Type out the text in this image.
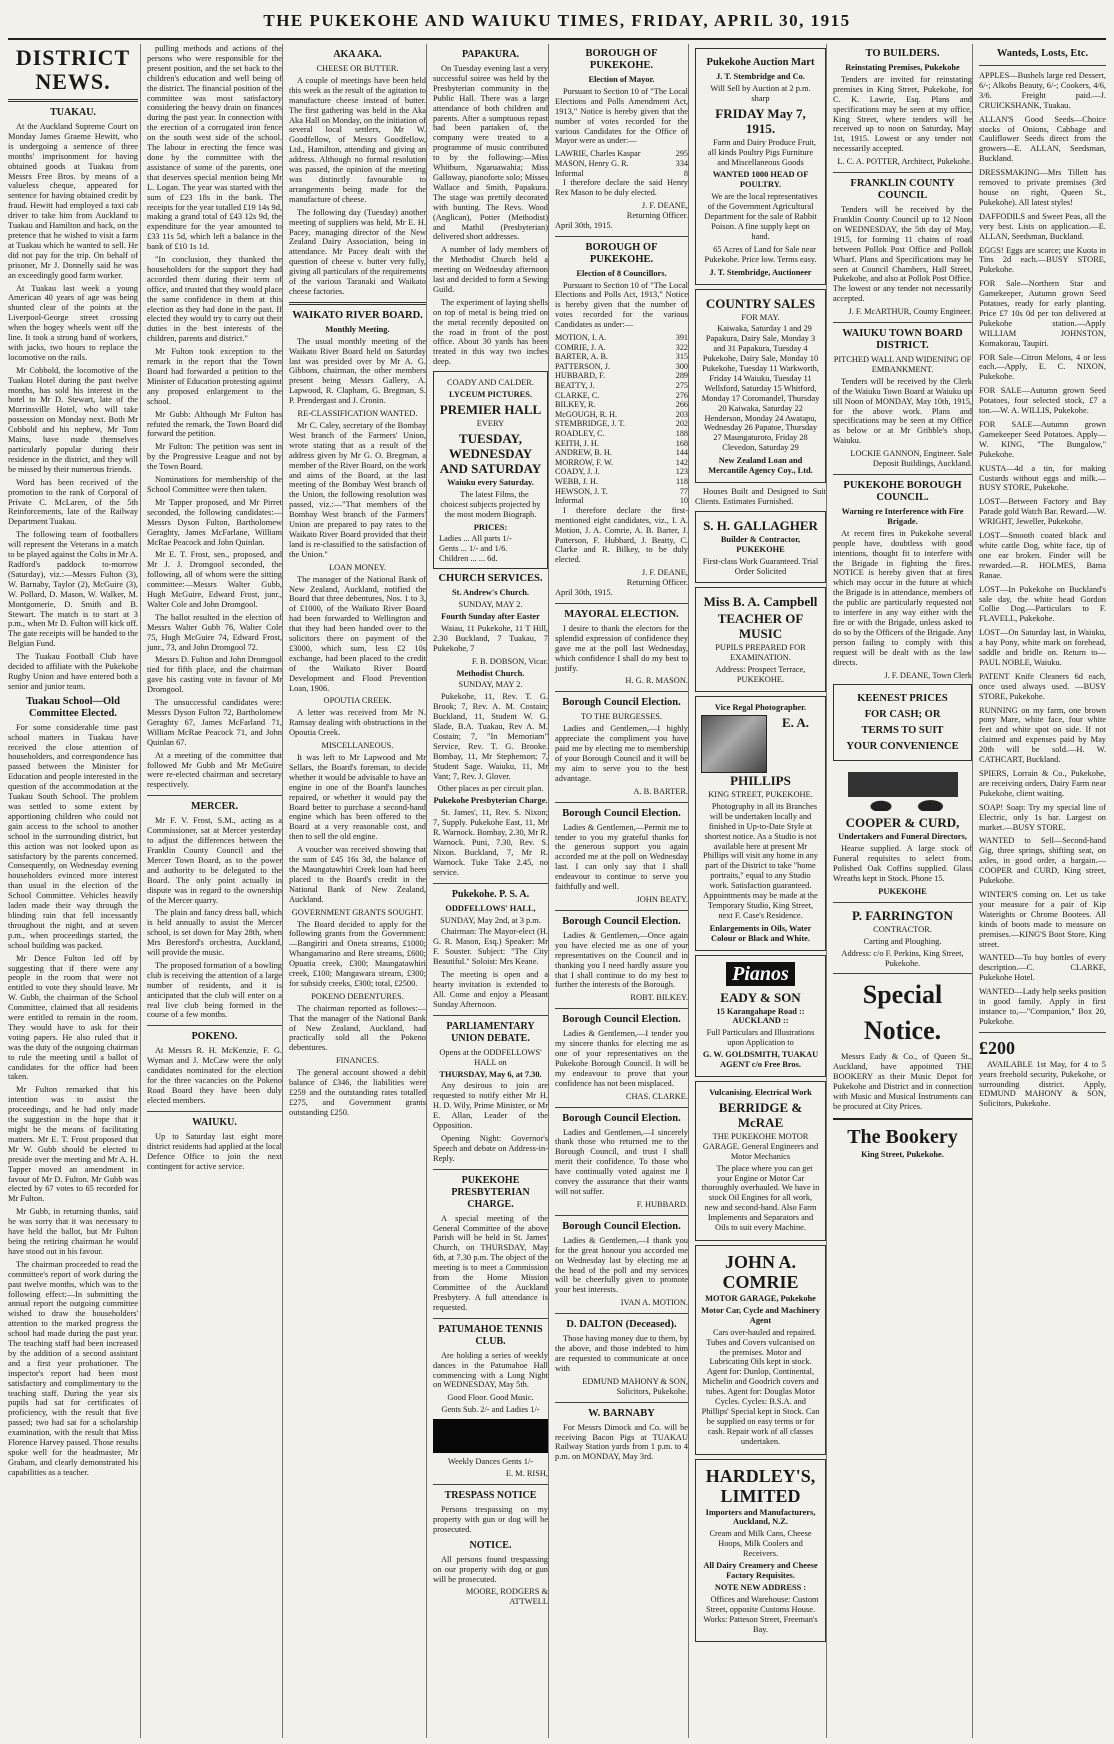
THE PUKEKOHE AND WAIUKU TIMES, FRIDAY, APRIL 30, 1915
DISTRICT NEWS.
TUAKAU.

At the Auckland Supreme Court on Monday James Graeme Hewitt, who is undergoing a sentence of three months' imprisonment for having obtained goods at Tuakau from Messrs Free Bros. by means of a valueless cheque, appeared for sentence for having obtained credit by fraud. Hewitt had employed a taxi cab driver to take him from Auckland to Tuakau and Hamilton and back, on the pretence that he wished to visit a farm at Tuakau which he wanted to sell. He did not pay for the trip. On behalf of prisoner, Mr J. Donnelly said he was an exceedingly good farm worker.

At Tuakau last week a young American 40 years of age was being shunted clear of the points at the Liverpool-George street crossing when the bogey wheels went off the line. It took a strong band of workers, with jacks, two hours to replace the locomotive on the rails.

Mr Cobbold, the locomotive of the Tuakau Hotel during the past twelve months, has sold his interest in the hotel to Mr D. Stewart, late of the Morrinsville Hotel, who will take possession on Monday next. Both Mr Cobbold and his nephew, Mr Tom Mains, have made themselves particularly popular during their residence in the district, and they will be missed by their numerous friends.

Word has been received of the promotion to the rank of Corporal of Private C. McLaren, of the 5th Reinforcements, late of the Railway Department Tuakau.

The following team of footballers will represent the Veterans in a match to be played against the Colts in Mr A. Radford's paddock to-morrow (Saturday), viz.:—Messrs Fulton (3), W. Barnaby, Taylor (2), McGuire (3), W. Pollard, D. Mason, W. Walker, M. Montgomerie, D. Smith and B. Stewart. The match is to start at 3 p.m., when Mr D. Fulton will kick off. The gate receipts will be handed to the Belgian Fund.

The Tuakau Football Club have decided to affiliate with the Pukekohe Rugby Union and have entered both a senior and junior team.

Tuakau School—Old Committee Elected.

For some considerable time past school matters in Tuakau have received the close attention of householders, and correspondence has passed between the Minister for Education and people interested in the question of the accommodation at the Tuakau South School. The problem was settled to some extent by apportioning children who could not gain access to the school to another school in the surrounding district, but this action was not looked upon as satisfactory by the parents concerned. Consequently, on Wednesday evening householders evinced more interest than usual in the election of the School Committee. Vehicles heavily laden made their way through the blinding rain that fell incessantly throughout the night, and at seven p.m., when proceedings started, the school building was packed.

Mr Dence Fulton led off by suggesting that if there were any people in the room that were not entitled to vote they should leave. Mr W. Gubb, the chairman of the School Committee, claimed that all residents were entitled to remain in the room. They would have to ask for their voting papers. He also ruled that it was the duty of the outgoing chairman to rule the meeting until a ballot of candidates for the office had been taken.

Mr Fulton remarked that his intention was to assist the proceedings, and he had only made the suggestion in the hope that it might be the means of facilitating matters. Mr E. T. Frost proposed that Mr W. Gubb should be elected to preside over the meeting and Mr A. H. Tapper moved an amendment in favour of Mr D. Fulton. Mr Gubb was elected by 67 votes to 65 recorded for Mr Fulton.

Mr Gubb, in returning thanks, said he was sorry that it was necessary to have held the ballot, but Mr Fulton being the retiring chairman he would have stood out in his favour.

The chairman proceeded to read the committee's report of work during the past twelve months, which was to the following effect:—In submitting the annual report the outgoing committee wished to draw the householders' attention to the marked progress the school had made during the past year. The teaching staff had been increased by the addition of a second assistant and a first year probationer. The inspector's report had been most satisfactory and complimentary to the teaching staff. During the year six pupils had sat for certificates of proficiency, with the result that five passed; two had sat for a scholarship examination, with the result that Miss Florence Harvey passed. Those results spoke well for the headmaster, Mr Graham, and clearly demonstrated his capabilities as a teacher.

pulling methods and actions of the persons who were responsible for the present position, and the set back to the children's education and well being of the district. The financial position of the committee was most satisfactory considering the heavy drain on finances during the past year. In connection with the erection of a corrugated iron fence on the south west side of the school. The labour in erecting the fence was done by the committee with the assistance of some of the parents, one that deserves special mention being Mr L. Logan. The year was started with the sum of £23 18s in the bank. The receipts for the year totalled £19 14s 9d, making a grand total of £43 12s 9d, the expenditure for the year amounted to £33 11s 5d, which left a balance in the bank of £10 1s 1d.

"In conclusion, they thanked the householders for the support they had accorded them during their term of office, and trusted that they would place the same confidence in them at this election as they had done in the past. If elected they would try to carry out their duties in the best interests of the children, parents and district."

Mr Fulton took exception to the remark in the report that the Town Board had forwarded a petition to the Minister of Education protesting against any proposed enlargement to the school.

Mr Gubb: Although Mr Fulton has refuted the remark, the Town Board did forward the petition.

Mr Fulton: The petition was sent in by the Progressive League and not by the Town Board.

Nominations for membership of the School Committee were then taken.

Mr Tapper proposed, and Mr Pirret seconded, the following candidates:—Messrs Dyson Fulton, Bartholomew Geraghty, James McFarlane, William McRae Peacock and John Quinlan.

Mr E. T. Frost, sen., proposed, and Mr J. J. Dromgool seconded, the following, all of whom were the sitting committee:—Messrs Walter Gubb, Hugh McGuire, Edward Frost, junr., Walter Cole and John Dromgool.

The ballot resulted in the election of Messrs Walter Gubb 76, Walter Cole 75, Hugh McGuire 74, Edward Frost, junr., 73, and John Dromgool 72.

Messrs D. Fulton and John Dromgool tied for fifth place, and the chairman gave his casting vote in favour of Mr Dromgool.

The unsuccessful candidates were: Messrs Dyson Fulton 72, Bartholomew Geraghty 67, James McFarland 71, William McRae Peacock 71, and John Quinlan 67.

At a meeting of the committee that followed Mr Gubb and Mr McGuire were re-elected chairman and secretary respectively.

MERCER.

Mr F. V. Frost, S.M., acting as a Commissioner, sat at Mercer yesterday to adjust the differences between the Franklin County Council and the Mercer Town Board, as to the power and authority to be delegated to the Board. The only point actually in dispute was in regard to the ownership of the Mercer quarry.

The plain and fancy dress ball, which is held annually to assist the Mercer school, is set down for May 28th, when Mrs Beresford's orchestra, Auckland, will provide the music.

The proposed formation of a bowling club is receiving the attention of a large number of residents, and it is anticipated that the club will enter on a real live club being formed in the course of a few months.

POKENO.

At Messrs R. H. McKenzie, F. G. Wyman and J. McCaw were the only candidates nominated for the election for the three vacancies on the Pokeno Road Board they have been duly elected members.

WAIUKU.

Up to Saturday last eight more district residents had applied at the local Defence Office to join the next contingent for active service.

AKA AKA.
CHEESE OR BUTTER.

A couple of meetings have been held this week as the result of the agitation to manufacture cheese instead of butter. The first gathering was held in the Aka Aka Hall on Monday, on the initiation of several local settlers, Mr W. Goodfellow, of Messrs Goodfellow, Ltd., Hamilton, attending and giving an address. Although no formal resolution was passed, the opinion of the meeting was distinctly favourable to arrangements being made for the manufacture of cheese.

The following day (Tuesday) another meeting of suppliers was held, Mr E. H. Pacey, managing director of the New Zealand Dairy Association, being in attendance. Mr Pacey dealt with the question of cheese v. butter very fully, giving all particulars of the requirements of the various Taranaki and Waikato cheese factories.

WAIKATO RIVER BOARD.
Monthly Meeting.

The usual monthly meeting of the Waikato River Board held on Saturday last was presided over by Mr A. G. Gibbons, chairman, the other members present being Messrs Gallery, A. Lapwood, R. Clapham, G. Bregman, S. P. Prendergast and J. Cronin.

RE-CLASSIFICATION WANTED.

Mr C. Caley, secretary of the Bombay West branch of the Farmers' Union, wrote stating that as a result of the address given by Mr G. O. Bregman, a member of the River Board, on the work and aims of the Board, at the last meeting of the Bombay West branch of the Union, the following resolution was passed, viz.:—"That members of the Bombay West branch of the Farmers' Union are prepared to pay rates to the Waikato River Board provided that their land is re-classified to the satisfaction of the Union."

LOAN MONEY.

The manager of the National Bank of New Zealand, Auckland, notified the Board that three debentures, Nos. 1 to 3, of £1000, of the Waikato River Board had been forwarded to Wellington and that they had been handed over to the solicitors there on payment of the £3000, which sum, less £2 10s exchange, had been placed to the credit of the Waikato River Board Development and Flood Prevention Loan, 1906.

OPOUTIA CREEK.

A letter was received from Mr N. Ramsay dealing with obstructions in the Opoutia Creek.

MISCELLANEOUS.

It was left to Mr Lapwood and Mr Sellars, the Board's foreman, to decide whether it would be advisable to have an engine in one of the Board's launches repaired, or whether it would pay the Board better to purchase a second-hand engine which has been offered to the Board at a very reasonable cost, and then to sell the old engine.

A voucher was received showing that the sum of £45 16s 3d, the balance of the Maungatawhiri Creek loan had been placed to the Board's credit in the National Bank of New Zealand, Auckland.

GOVERNMENT GRANTS SOUGHT.

The Board decided to apply for the following grants from the Government:—Rangiriri and Oneta streams, £1000; Whangamarino and Rere streams, £600; Opuatia creek, £300; Maungatawhiri creek, £100; Mangawara stream, £300; for subsidy creeks, £300; total, £2500.

POKENO DEBENTURES.

The chairman reported as follows:—That the manager of the National Bank of New Zealand, Auckland, had practically sold all the Pokeno debentures.

FINANCES.

The general account showed a debit balance of £346, the liabilities were £259 and the outstanding rates totalled £275, and Government grants outstanding £250.

PAPAKURA.

On Tuesday evening last a very successful soiree was held by the Presbyterian community in the Public Hall. There was a large attendance of both children and parents. After a sumptuous repast had been partaken of, the company were treated to a programme of music contributed to by the following:—Miss Whitburn, Ngaruawahia; Miss Galloway, pianoforte solo; Misses Wallace and Smith, Papakura. The stage was prettily decorated with bunting. The Revs. Wood (Anglican), Potter (Methodist) and Mathil (Presbyterian) delivered short addresses.

A number of lady members of the Methodist Church held a meeting on Wednesday afternoon last and decided to form a Sewing Guild.

The experiment of laying shells on top of metal is being tried on the metal recently deposited on the road in front of the post office. About 30 yards has been treated in this way two inches deep.

COADY AND CALDER.
LYCEUM PICTURES.
PREMIER HALL
EVERY
TUESDAY, WEDNESDAY AND SATURDAY
Waiuku every Saturday.

The latest Films, the choicest subjects projected by the most modern Biograph.

PRICES:
Ladies ... All parts 1/-
Gents ... 1/- and 1/6.
Children ... ... 6d.
CHURCH SERVICES.
St. Andrew's Church.
SUNDAY, MAY 2.
Fourth Sunday after Easter

Waiau, 11 Pukekohe, 11 T Hill, 2.30 Buckland, 7 Tuakau, 7 Pukekohe, 7

F. B. DOBSON, Vicar.
Methodist Church.
SUNDAY, MAY 2.

Pukekohe, 11, Rev. T. G. Brook; 7, Rev. A. M. Costain; Buckland, 11, Student W. G. Slade, B.A. Tuakau, Rev A. M. Costain; 7, "In Memoriam" Service, Rev. T. G. Brooke. Bombay, 11, Mr Stephenson; 7, Student Sage. Waiuku, 11, Mr Vant; 7, Rev. J. Glover.

Other places as per circuit plan.
Pukekohe Presbyterian Charge.

St. James', 11, Rev. S. Nixon; 7, Supply. Pukekohe East, 11, Mr R. Warnock. Bombay, 2.30, Mr R. Warnock. Puni, 7.30, Rev. S. Nixon. Buckland, 7, Mr R. Warnock. Tuke Take 2.45, no service.

Pukekohe. P. S. A.
ODDFELLOWS' HALL,
SUNDAY, May 2nd, at 3 p.m.

Chairman: The Mayor-elect (H. G. R. Mason, Esq.) Speaker: Mr F. Souster. Subject: "The City Beautiful." Soloist: Mrs Keane.

The meeting is open and a hearty invitation is extended to All. Come and enjoy a Pleasant Sunday Afternoon.

PARLIAMENTARY UNION DEBATE.
Opens at the ODDFELLOWS' HALL on
THURSDAY, May 6, at 7.30.

Any desirous to join are requested to notify either Mr H. H. D. Wily, Prime Minister, or Mr E. Allan, Leader of the Opposition.

Opening Night: Governor's Speech and debate on Address-in-Reply.

PUKEKOHE PRESBYTERIAN CHARGE.

A special meeting of the General Committee of the above Parish will be held in St. James' Church, on THURSDAY, May 6th, at 7.30 p.m. The object of the meeting is to meet a Commission from the Home Mission Committee of the Auckland Presbytery. A full attendance is requested.

PATUMAHOE TENNIS CLUB.

Are holding a series of weekly dances in the Patumahoe Hall commencing with a Long Night on WEDNESDAY, May 5th.

Good Floor. Good Music.
Gents Sub. 2/- and Ladies 1/-
Weekly Dances Gents 1/-
E. M. RISH,
TRESPASS NOTICE

Persons trespassing on my property with gun or dog will be prosecuted.

NOTICE.

All persons found trespassing on our property with dog or gun will be prosecuted.

MOORE, RODGERS & ATTWELL
BOROUGH OF PUKEKOHE.
Election of Mayor.

Pursuant to Section 10 of "The Local Elections and Polls Amendment Act, 1913," Notice is hereby given that the number of votes recorded for the various Candidates for the Office of Mayor were as under:—

LAWRIE, Charles Kaspar	295
MASON, Henry G. R.	334
Informal	8

I therefore declare the said Henry Rex Mason to be duly elected.

J. F. DEANE,
Returning Officer.
April 30th, 1915.
BOROUGH OF PUKEKOHE.
Election of 8 Councillors.

Pursuant to Section 10 of "The Local Elections and Polls Act, 1913," Notice is hereby given that the number of votes recorded for the various Candidates as under:—

MOTION, I. A.	391
COMRIE, J. A.	322
BARTER, A. B.	315
PATTERSON, J.	300
HUBBARD, F.	289
BEATTY, J.	275
CLARKE, C.	276
BILKEY, R.	266
McGOUGH, R. H.	203
STEMBRIDGE, J. T.	202
ROADLEY, C.	188
KEITH, J. H.	168
ANDREW, B. H.	144
MORROW, F. W.	142
COADY, J. J.	123
WEBB, J. H.	118
HEWSON, J. T.	77
Informal	10

I therefore declare the first-mentioned eight candidates, viz., I. A. Motion, J. A. Comrie, A. B. Barter, J. Patterson, F. Hubbard, J. Beatty, C. Clarke and R. Bilkey, to be duly elected.

J. F. DEANE,
Returning Officer.
April 30th, 1915.
MAYORAL ELECTION.

I desire to thank the electors for the splendid expression of confidence they gave me at the poll last Wednesday, which confidence I shall do my best to justify.

H. G. R. MASON.
Borough Council Election.
TO THE BURGESSES.

Ladies and Gentlemen,—I highly appreciate the compliment you have paid me by electing me to membership of your Borough Council and it will be my aim to serve you to the best advantage.

A. B. BARTER.
Borough Council Election.

Ladies & Gentlemen,—Permit me to tender to you my grateful thanks for the generous support you again accorded me at the poll on Wednesday last. I can only say that I shall endeavour to continue to serve you faithfully and well.

JOHN BEATY.
Borough Council Election.

Ladies & Gentlemen,—Once again you have elected me as one of your representatives on the Council and in thanking you I need hardly assure you that I shall continue to do my best to further the interests of the Borough.

ROBT. BILKEY.
Borough Council Election.

Ladies & Gentlemen,—I tender you my sincere thanks for electing me as one of your representatives on the Pukekohe Borough Council. It will be my endeavour to prove that your confidence has not been misplaced.

CHAS. CLARKE.
Borough Council Election.

Ladies and Gentlemen,—I sincerely thank those who returned me to the Borough Council, and trust I shall merit their confidence. To those who have continually voted against me I convey the assurance that their wants will not suffer.

F. HUBBARD.
Borough Council Election.

Ladies & Gentlemen,—I thank you for the great honour you accorded me on Wednesday last by electing me at the head of the poll and my services will be cheerfully given to promote your best interests.

IVAN A. MOTION.
D. DALTON (Deceased).

Those having money due to them, by the above, and those indebted to him are requested to communicate at once with

EDMUND MAHONY & SON, Solicitors, Pukekohe.
W. BARNABY

For Messrs Dimock and Co. will be receiving Bacon Pigs at TUAKAU Railway Station yards from 1 p.m. to 4 p.m. on MONDAY, May 3rd.

Pukekohe Auction Mart
J. T. Stembridge and Co.
Will Sell by Auction at 2 p.m. sharp
FRIDAY May 7, 1915.

Farm and Dairy Produce Fruit, all kinds Poultry Pigs Furniture and Miscellaneous Goods

WANTED 1000 HEAD OF POULTRY.

We are the local representatives of the Government Agricultural Department for the sale of Rabbit Poison. A fine supply kept on hand.

65 Acres of Land for Sale near Pukekohe. Price low. Terms easy.

J. T. Stembridge, Auctioneer
COUNTRY SALES
FOR MAY.

Kaiwaka, Saturday 1 and 29 Papakura, Dairy Sale, Monday 3 and 31 Papakura, Tuesday 4 Pukekohe, Dairy Sale, Monday 10 Pukekohe, Tuesday 11 Warkworth, Friday 14 Waiuku, Tuesday 11 Wellsford, Saturday 15 Whitford, Monday 17 Coromandel, Thursday 20 Kaiwaka, Saturday 22 Henderson, Monday 24 Awatapu, Wednesday 26 Papatoe, Thursday 27 Maungaturoto, Friday 28 Clevedon, Saturday 29

New Zealand Loan and Mercantile Agency Coy., Ltd.

Houses Built and Designed to Suit Clients. Estimates Furnished.

S. H. GALLAGHER
Builder & Contractor, PUKEKOHE
First-class Work Guaranteed. Trial Order Solicited
Miss B. A. Campbell
TEACHER OF MUSIC
PUPILS PREPARED FOR EXAMINATION.
Address: Prospect Terrace, PUKEKOHE.
Vice Regal Photographer.
E. A. PHILLIPS
KING STREET, PUKEKOHE.

Photography in all its Branches will be undertaken locally and finished in Up-to-Date Style at shortest notice. As a Studio is not available here at present Mr Phillips will visit any home in any part of the District to take "home portraits," equal to any Studio work. Satisfaction guaranteed. Appointments may be made at the Temporary Studio, King Street, next F. Case's Residence.

Enlargements in Oils, Water Colour or Black and White.
Pianos
EADY & SON
15 Karangahape Road :: AUCKLAND ::
Full Particulars and Illustrations upon Application to
G. W. GOLDSMITH, TUAKAU AGENT c/o Free Bros.
Vulcanising. Electrical Work
BERRIDGE & McRAE
THE PUKEKOHE MOTOR GARAGE. General Engineers and Motor Mechanics

The place where you can get your Engine or Motor Car thoroughly overhauled. We have in stock Oil Engines for all work, new and second-hand. Also Farm Implements and Separators and Oils to suit every Machine.

JOHN A. COMRIE
MOTOR GARAGE, Pukekohe
Motor Car, Cycle and Machinery Agent

Cars over-hauled and repaired. Tubes and Covers vulcanised on the premises. Motor and Lubricating Oils kept in stock. Agent for: Dunlop, Continental, Michelin and Goodrich covers and tubes. Agent for: Douglas Motor Cycles. Cycles: B.S.A. and Phillips' Special kept in Stock. Can be supplied on easy terms or for cash. Repair work of all classes undertaken.

HARDLEY'S, LIMITED
Importers and Manufacturers, Auckland, N.Z.
Cream and Milk Cans, Cheese Hoops, Milk Coolers and Receivers.
All Dairy Creamery and Cheese Factory Requisites.
NOTE NEW ADDRESS :

Offices and Warehouse: Custom Street, opposite Customs House. Works: Patteson Street, Freeman's Bay.

TO BUILDERS.
Reinstating Premises, Pukekohe

Tenders are invited for reinstating premises in King Street, Pukekohe, for C. K. Lawrie, Esq. Plans and specifications may be seen at my office, King Street, where tenders will be received up to noon on Saturday, May 1st, 1915. Lowest or any tender not necessarily accepted.

L. C. A. POTTER, Architect, Pukekohe.
FRANKLIN COUNTY COUNCIL

Tenders will be received by the Franklin County Council up to 12 Noon on WEDNESDAY, the 5th day of May, 1915, for forming 11 chains of road between Pollok Post Office and Pollok Wharf. Plans and Specifications may be seen at Council Chambers, Hall Street, Pukekohe, and also at Pollok Post Office. The lowest or any tender not necessarily accepted.

J. F. McARTHUR, County Engineer.
WAIUKU TOWN BOARD DISTRICT.
PITCHED WALL AND WIDENING OF EMBANKMENT.

Tenders will be received by the Clerk of the Waiuku Town Board at Waiuku up till Noon of MONDAY, May 10th, 1915, for the above work. Plans and specifications may be seen at my Office as below or at Mr Gribble's shop, Waiuku.

LOCKIE GANNON, Engineer. Sale Deposit Buildings, Auckland.
PUKEKOHE BOROUGH COUNCIL.
Warning re Interference with Fire Brigade.

At recent fires in Pukekohe several people have, doubtless with good intentions, thought fit to interfere with the Brigade in fighting the fires. NOTICE is hereby given that at fires which may occur in the future at which the Brigade is in attendance, members of the public are particularly requested not to interfere in any way either with the fire or with the Brigade, unless asked to do so by the Officers of the Brigade. Any person failing to comply with this request will be dealt with as the law directs.

J. F. DEANE, Town Clerk
KEENEST PRICES
FOR CASH; OR
TERMS TO SUIT
YOUR CONVENIENCE
COOPER & CURD,
Undertakers and Funeral Directors,

Hearse supplied. A large stock of Funeral requisites to select from. Polished Oak Coffins supplied. Glass Wreaths kept in Stock. Phone 15.

PUKEKOHE
P. FARRINGTON
CONTRACTOR.
Carting and Ploughing.
Address: c/o F. Perkins, King Street, Pukekohe.
Special
Notice.

Messrs Eady & Co., of Queen St., Auckland, have appointed THE BOOKERY as their Music Depot for Pukekohe and District and in connection with Music and Musical Instruments can be procured at City Prices.

The Bookery
King Street, Pukekohe.
Wanteds, Losts, Etc.

APPLES—Bushels large red Dessert, 6/-; Alkobs Beauty, 6/-; Cookers, 4/6, 3/6. Freight paid.—J. CRUICKSHANK, Tuakau.

ALLAN'S Good Seeds—Choice stocks of Onions, Cabbage and Cauliflower Seeds direct from the growers—E. ALLAN, Seedsman, Buckland.

DRESSMAKING—Mrs Tillett has removed to private premises (3rd house on right, Queen St., Pukekohe). All latest styles!

DAFFODILS and Sweet Peas, all the very best. Lists on application.—E. ALLAN, Seedsman, Buckland.

EGGS! Eggs are scarce; use Kuota in Tins 2d each.—BUSY STORE, Pukekohe.

FOR Sale—Northern Star and Gamekeeper, Autumn grown Seed Potatoes, ready for early planting. Price £7 10s 0d per ton delivered at Pukekohe station.—Apply WILLIAM JOHNSTON, Komakorau, Taupiri.

FOR Sale—Citron Melons, 4 or less each.—Apply, E. C. NIXON, Pukekohe.

FOR SALE—Autumn grown Seed Potatoes, four selected stock, £7 a ton.—W. A. WILLIS, Pukekohe.

FOR SALE—Autumn grown Gamekeeper Seed Potatoes. Apply—W. KING, "The Bungalow," Pukekohe.

KUSTA—4d a tin, for making Custards without eggs and milk.—BUSY STORE, Pukekohe.

LOST—Between Factory and Bay Parade gold Watch Bar. Reward.—W. WRIGHT, Jeweller, Pukekohe.

LOST—Smooth coated black and white cattle Dog, white face, tip of one ear broken. Finder will be rewarded.—R. HOLMES, Bama Ranae.

LOST—In Pukekohe on Buckland's sale day, the white head Gordon Collie Dog.—Particulars to F. FLAVELL, Pukekohe.

LOST—On Saturday last, in Waiuku, a bay Pony, white mark on forehead, saddle and bridle on. Return to—PAUL NOBLE, Waiuku.

PATENT Knife Cleaners 6d each, once used always used. —BUSY STORE, Pukekohe.

RUNNING on my farm, one brown pony Mare, white face, four white feet and white spot on side. If not claimed and expenses paid by May 20th will be sold.—H. W. CATHCART, Buckland.

SPIERS, Lorrain & Co., Pukekohe, are receiving orders, Dairy Farm near Pukekohe, client waiting.

SOAP! Soap: Try my special line of Electric, only 1s bar. Largest on market.—BUSY STORE.

WANTED to Sell—Second-hand Gig, three springs, shifting seat, on axles, in good order, a bargain.—COOPER and CURD, King street, Pukekohe.

WINTER'S coming on. Let us take your measure for a pair of Kip Waterights or Chrome Bootees. All kinds of boots made to measure on premises.—KING'S Boot Store, King street.

WANTED—To buy bottles of every description.—C. CLARKE, Pukekohe Hotel.

WANTED—Lady help seeks position in good family. Apply in first instance to,—"Companion," Box 20, Pukekohe.

£200

AVAILABLE 1st May, for 4 to 5 years freehold security, Pukekohe, or surrounding district. Apply, EDMUND MAHONY & SON, Solicitors, Pukekohe.
